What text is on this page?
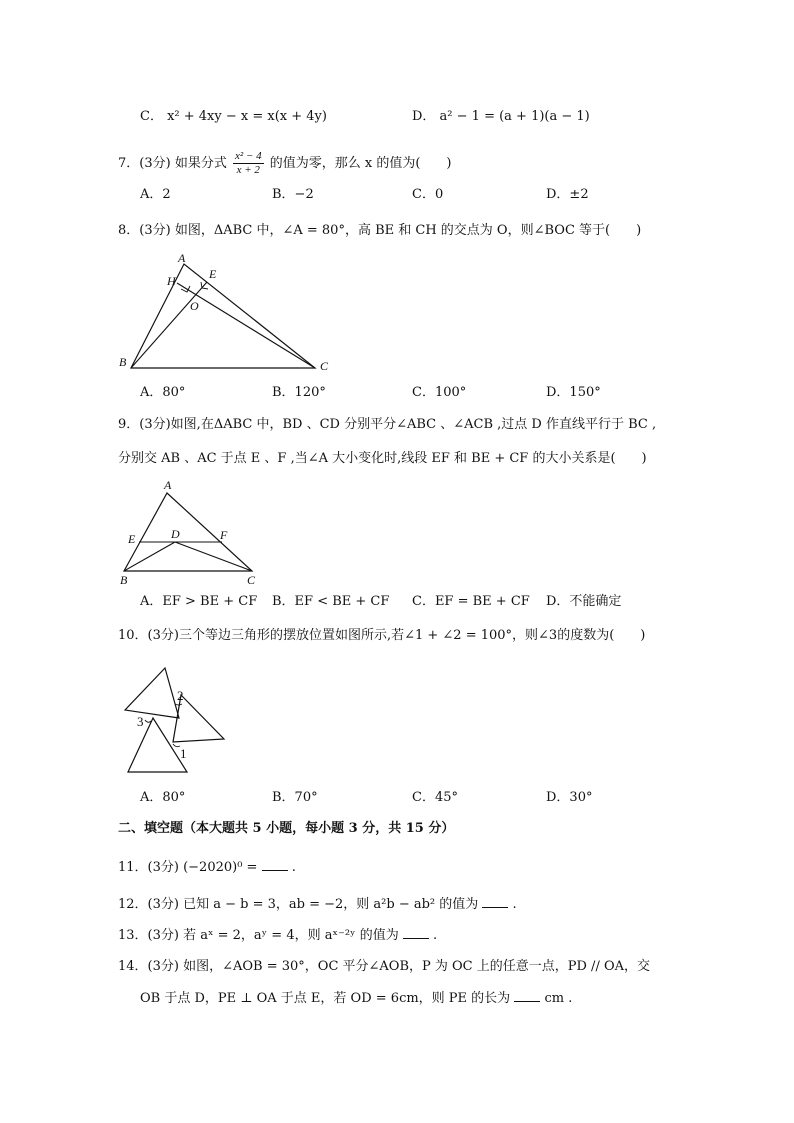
C． x² + 4xy − x = x(x + 4y)	D． a² − 1 = (a + 1)(a − 1)
7．(3分) 如果分式 $\frac{\text{x² − 4}}{x + 2}$ 的值为零，那么 x 的值为(　　)
A．2	B．−2	C．0	D．±2
8．(3分) 如图，ΔABC 中，∠A = 80°，高 BE 和 CH 的交点为 O，则∠BOC 等于(　　)
A
H	E
O
B	C
A．80°	B．120°	C．100°	D．150°
9．(3分)如图,在ΔABC 中，BD 、CD 分别平分∠ABC 、∠ACB ,过点 D 作直线平行于 BC ,
分别交 AB 、AC 于点 E 、F ,当∠A 大小变化时,线段 EF 和 BE + CF 的大小关系是(　　)
A
E	D	F
B	C
A．EF > BE + CF B．EF < BE + CF C．EF = BE + CF D．不能确定
10．(3分)三个等边三角形的摆放位置如图所示,若∠1 + ∠2 = 100°，则∠3的度数为(　　)
2
3
1
A．80°	B．70°	C．45°	D．30°
二、填空题（本大题共 5 小题，每小题 3 分，共 15 分）
11．(3分) (−2020)⁰ =	.
12．(3分) 已知 a − b = 3，ab = −2，则 a²b − ab² 的值为	.
13．(3分) 若 aˣ = 2，aʸ = 4，则 aˣ⁻²ʸ 的值为	.
14．(3分) 如图，∠AOB = 30°，OC 平分∠AOB，P 为 OC 上的任意一点，PD // OA，交
OB 于点 D，PE ⊥ OA 于点 E，若 OD = 6cm，则 PE 的长为	cm .
